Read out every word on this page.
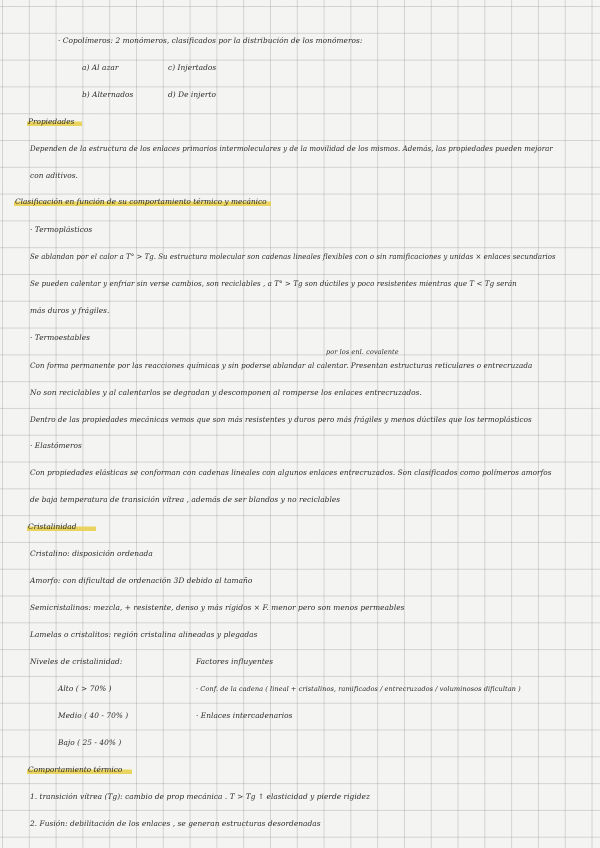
· Copolímeros: 2 monómeros, clasificados por la distribución de los monómeros:
a) Al azar	c) Injertados
b) Alternados	d) De injerto
Propiedades
Dependen de la estructura de los enlaces primarios intermoleculares y de la movilidad de los mismos. Además, las propiedades pueden mejorar
con aditivos.
Clasificación en función de su comportamiento térmico y mecánico
· Termoplásticos
Se ablandan por el calor a T° > Tg. Su estructura molecular son cadenas lineales flexibles con o sin ramificaciones y unidas × enlaces secundarios
Se pueden calentar y enfriar sin verse cambios, son reciclables , a T° > Tg son dúctiles y poco resistentes mientras que T < Tg serán
más duros y frágiles.
· Termoestables
por los enl. covalente
Con forma permanente por las reacciones químicas y sin poderse ablandar al calentar. Presentan estructuras reticulares o entrecruzada
No son reciclables y al calentarlos se degradan y descomponen al romperse los enlaces entrecruzados.
Dentro de las propiedades mecánicas vemos que son más resistentes y duros pero más frágiles y menos dúctiles que los termoplásticos
· Elastómeros
Con propiedades elásticas se conforman con cadenas lineales con algunos enlaces entrecruzados. Son clasificados como polímeros amorfos
de baja temperatura de transición vítrea , además de ser blandos y no reciclables
Cristalinidad
Cristalino: disposición ordenada
Amorfo: con dificultad de ordenación 3D debido al tamaño
Semicristalinos: mezcla, + resistente, denso y más rígidos × F. menor pero son menos permeables
Lamelas o cristalitos: región cristalina alineadas y plegadas
Niveles de cristalinidad:	Factores influyentes
Alto ( > 70% )	· Conf. de la cadena ( lineal + cristalinos, ramificados / entrecruzados / voluminosos dificultan )
Medio ( 40 - 70% )	· Enlaces intercadenarios
Bajo ( 25 - 40% )
Comportamiento térmico
1. transición vítrea (Tg): cambio de prop mecánica . T > Tg ↑ elasticidad y pierde rigidez
2. Fusión: debilitación de los enlaces , se generan estructuras desordenadas
